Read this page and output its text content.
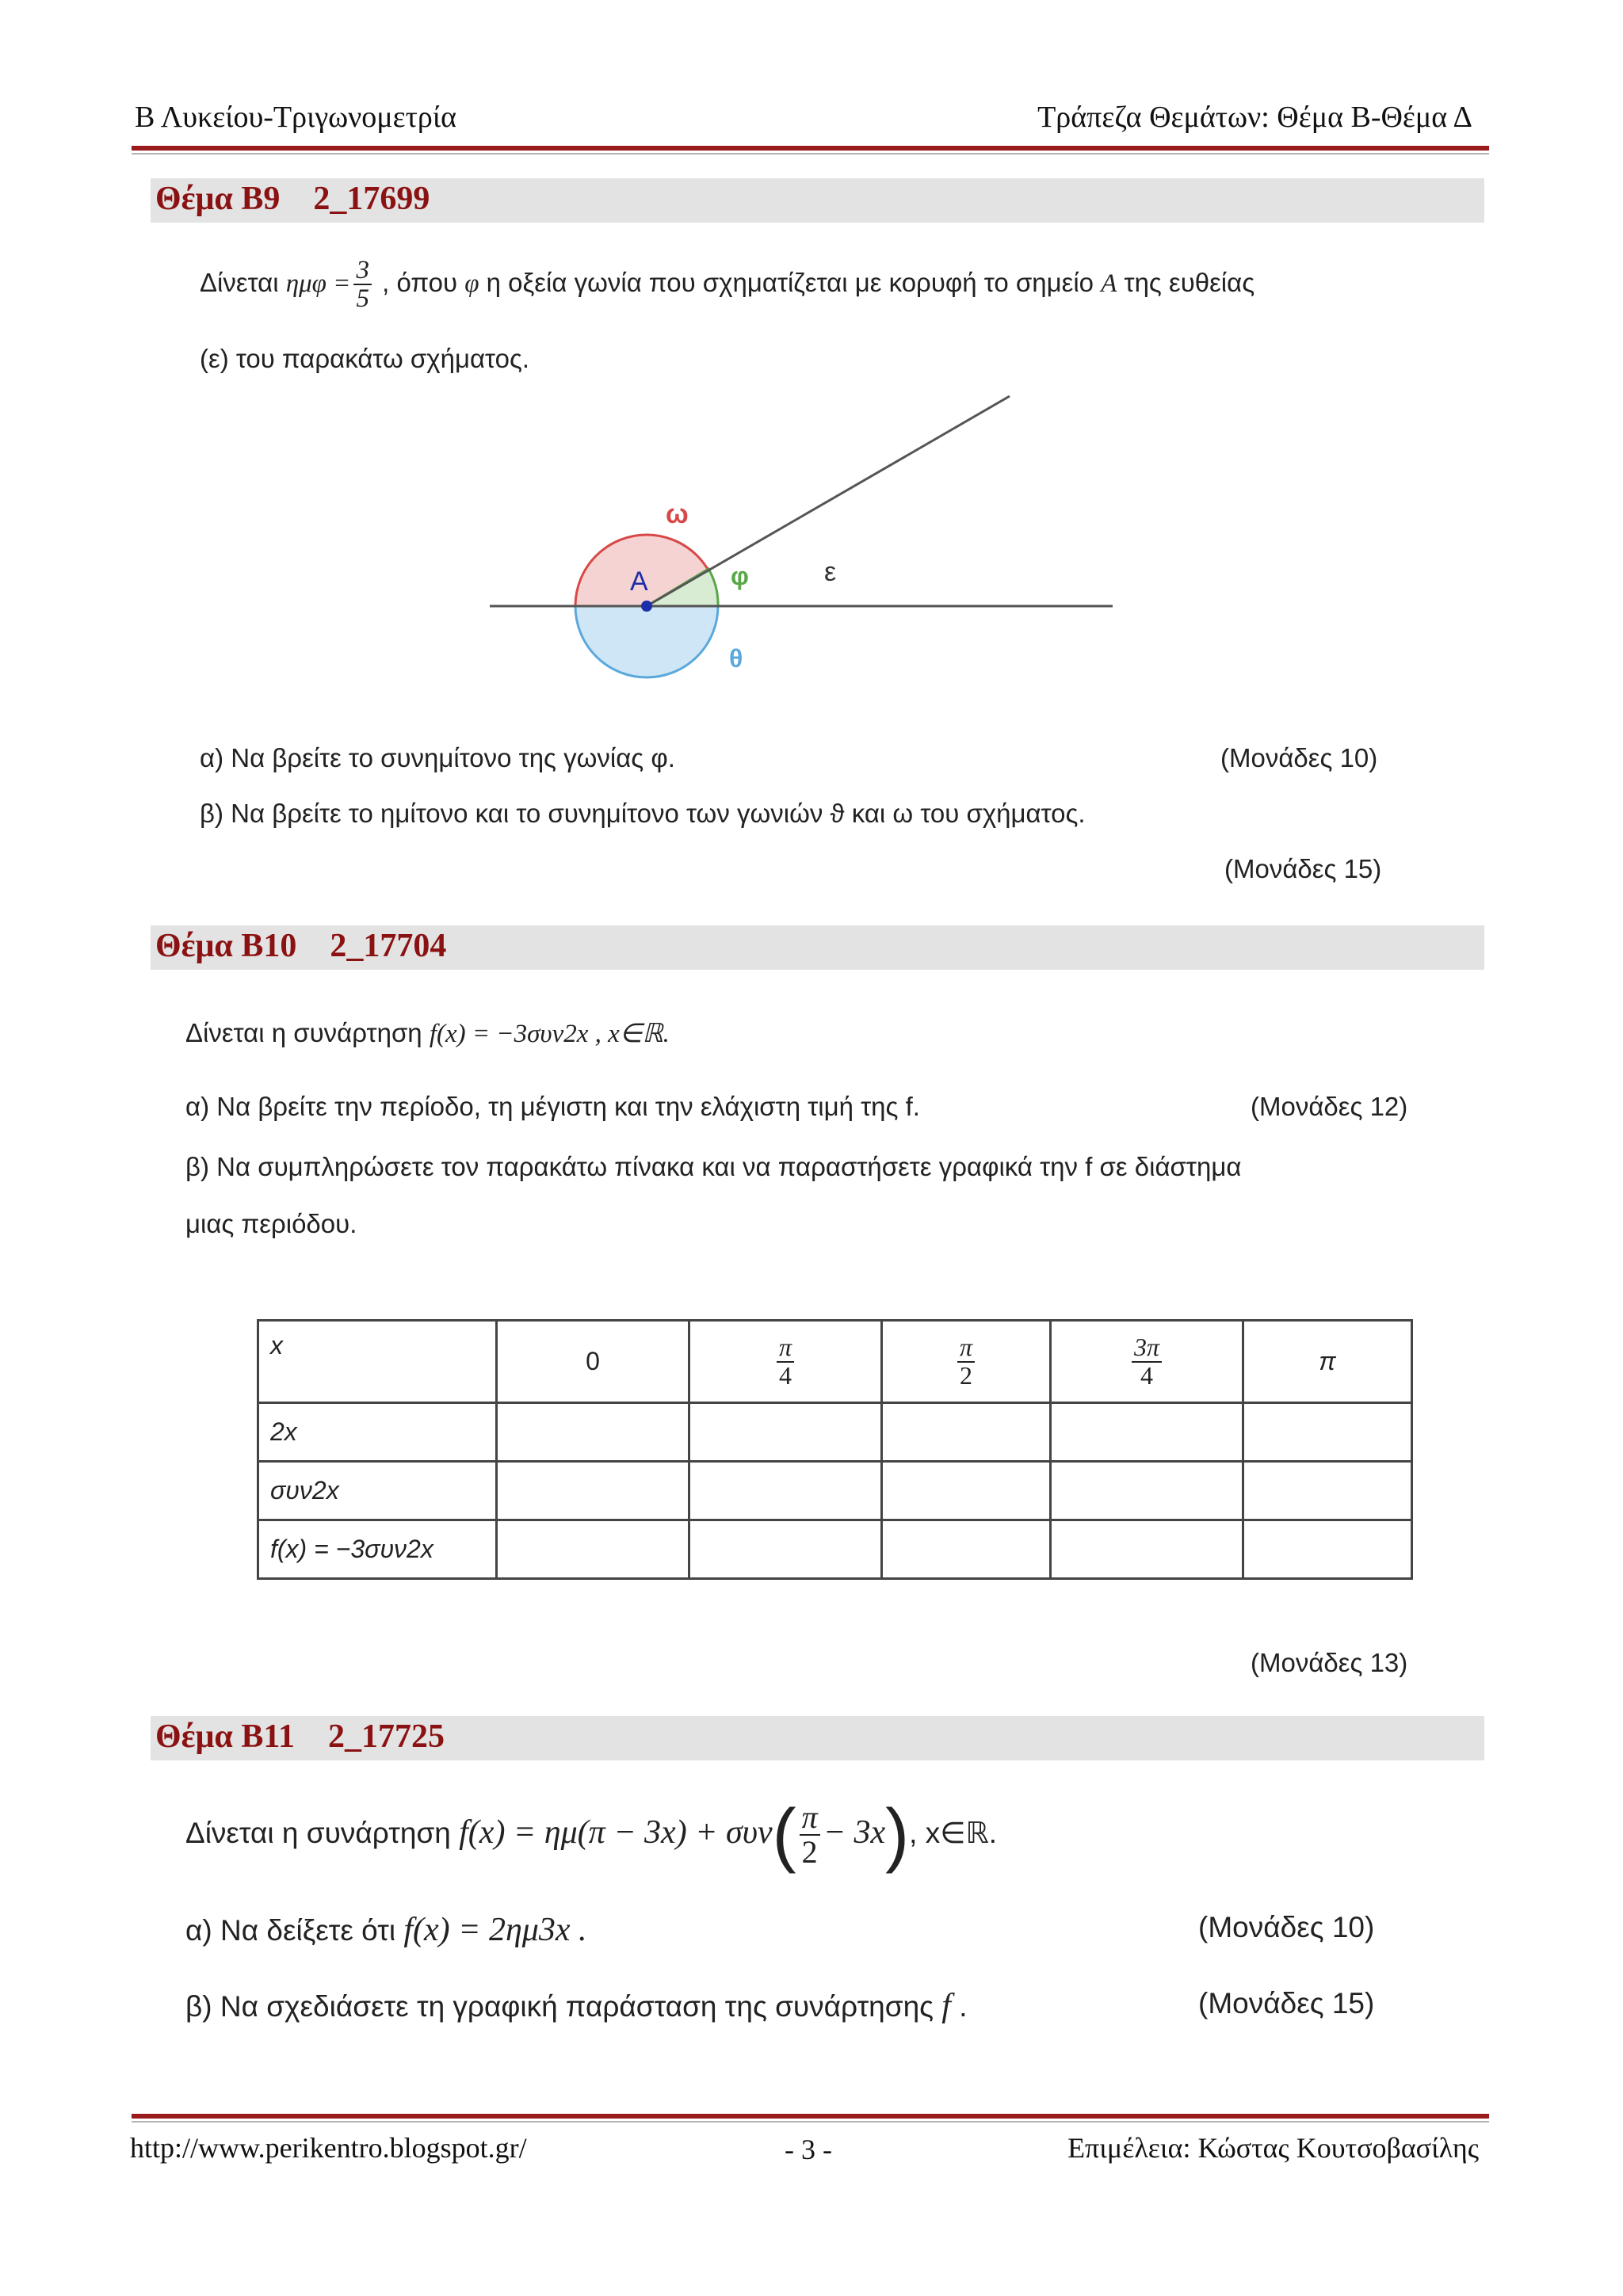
Β Λυκείου-Τριγωνομετρία	Τράπεζα Θεμάτων: Θέμα Β-Θέμα Δ
Θέμα Β9    2_17699
Δίνεται $\eta\mu\varphi = \frac{3}{5}$ , όπου φ η οξεία γωνία που σχηματίζεται με κορυφή το σημείο A της ευθείας
(ε) του παρακάτω σχήματος.
ω
A	ε
φ
θ
α) Να βρείτε το συνημίτονο της γωνίας φ.	(Μονάδες 10)
β) Να βρείτε το ημίτονο και το συνημίτονο των γωνιών ϑ και ω του σχήματος.
(Μονάδες 15)
Θέμα Β10    2_17704
Δίνεται η συνάρτηση f(x) = −3συν2x , x∈ℝ.
α) Να βρείτε την περίοδο, τη μέγιστη και την ελάχιστη τιμή της f.	(Μονάδες 12)
β) Να συμπληρώσετε τον παρακάτω πίνακα και να παραστήσετε γραφικά την f σε διάστημα
μιας περιόδου.
x	0	$\frac{\pi}{4}$	$\frac{\pi}{2}$	$\frac{3\pi}{4}$	π
2x					
συν2x					
f(x) = −3συν2x					
(Μονάδες 13)
Θέμα Β11    2_17725
Δίνεται η συνάρτηση $f(x) = \eta\mu(\pi - 3x) + \sigma\upsilon\nu( \frac{\pi}{2} - 3x)$, x∈ℝ.
α) Να δείξετε ότι f(x) = 2ημ3x .	(Μονάδες 10)
β) Να σχεδιάσετε τη γραφική παράσταση της συνάρτησης f .	(Μονάδες 15)
http://www.perikentro.blogspot.gr/	- 3 -	Επιμέλεια: Κώστας Κουτσοβασίλης
